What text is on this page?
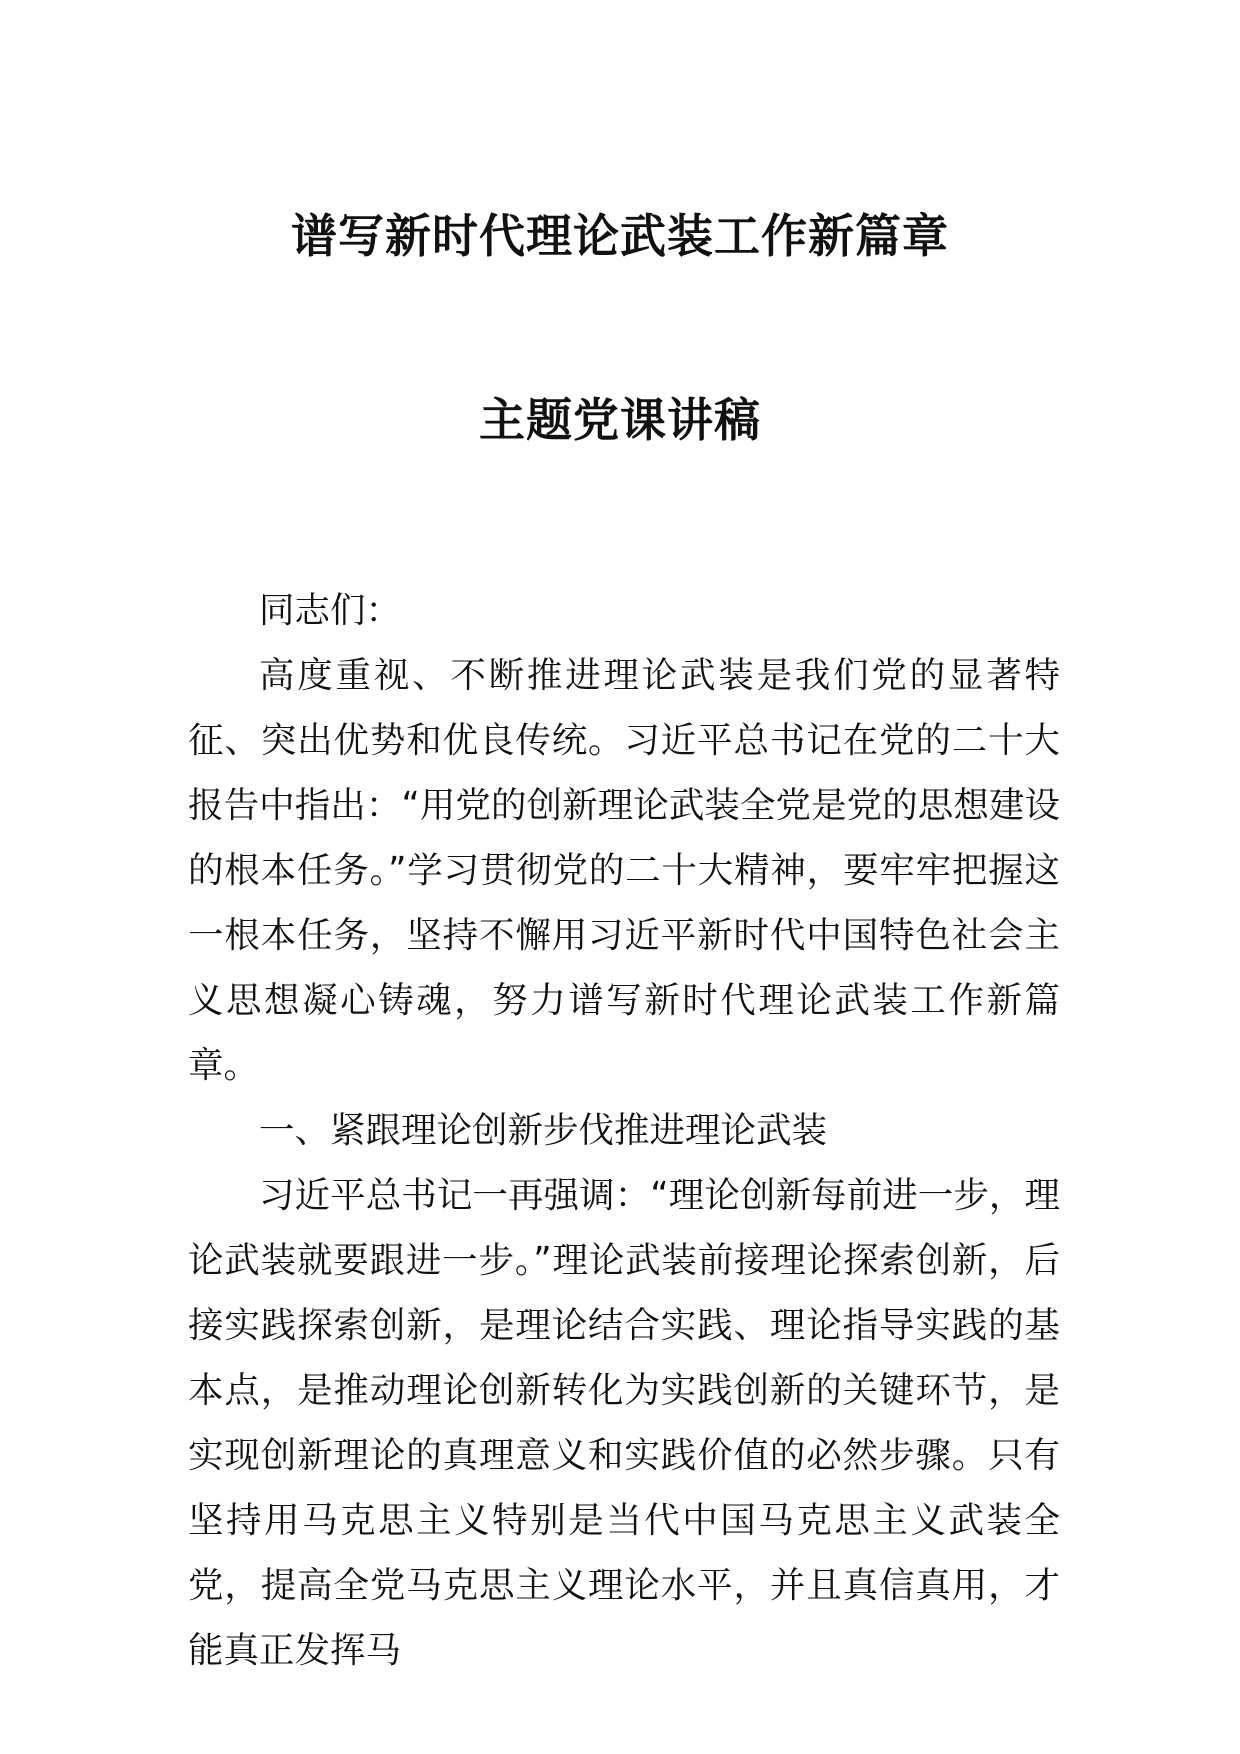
谱写新时代理论武装工作新篇章
主题党课讲稿

同志们：

高度重视、不断推进理论武装是我们党的显著特征、突出优势和优良传统。习近平总书记在党的二十大报告中指出：“用党的创新理论武装全党是党的思想建设的根本任务。”学习贯彻党的二十大精神，要牢牢把握这一根本任务，坚持不懈用习近平新时代中国特色社会主义思想凝心铸魂，努力谱写新时代理论武装工作新篇章。

一、紧跟理论创新步伐推进理论武装

习近平总书记一再强调：“理论创新每前进一步，理论武装就要跟进一步。”理论武装前接理论探索创新，后接实践探索创新，是理论结合实践、理论指导实践的基本点，是推动理论创新转化为实践创新的关键环节，是实现创新理论的真理意义和实践价值的必然步骤。只有坚持用马克思主义特别是当代中国马克思主义武装全党，提高全党马克思主义理论水平，并且真信真用，才能真正发挥马
